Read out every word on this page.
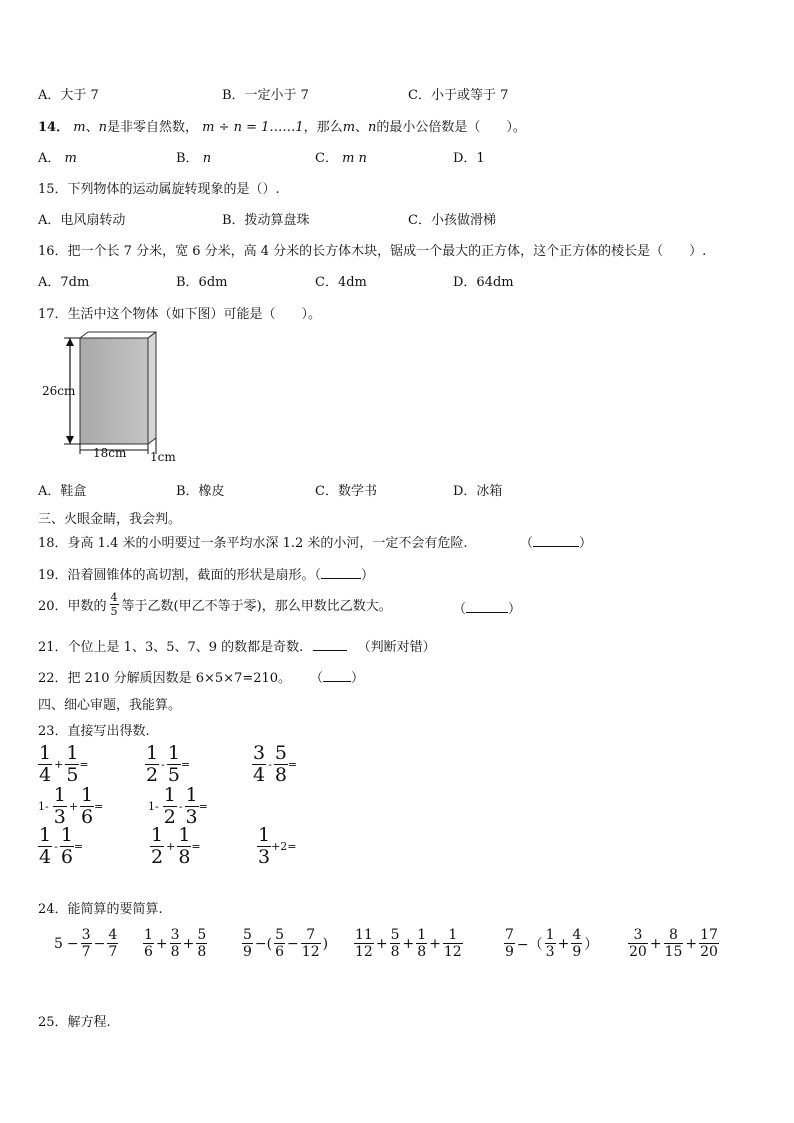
A．大于 7	B．一定小于 7	C．小于或等于 7
14． m、n是非零自然数， m ÷ n = 1……1，那么m、n的最小公倍数是（　　）。
A． m	B． n	C． m n	D．1
15．下列物体的运动属旋转现象的是（）.
A．电风扇转动	B．拨动算盘珠	C．小孩做滑梯
16．把一个长 7 分米，宽 6 分米，高 4 分米的长方体木块，锯成一个最大的正方体，这个正方体的棱长是（　　）.
A．7dm	B．6dm	C．4dm	D．64dm
17．生活中这个物体（如下图）可能是（　　）。
26cm
18cm 1cm
A．鞋盒	B．橡皮	C．数学书	D．冰箱
三、火眼金睛，我会判。
18．身高 1.4 米的小明要过一条平均水深 1.2 米的小河，一定不会有危险.	（	）
19．沿着圆锥体的高切割，截面的形状是扇形。（	）
20．甲数的 $\frac{4}{5}$ 等于乙数(甲乙不等于零)，那么甲数比乙数大。	（	）
21．个位上是 1、3、5、7、9 的数都是奇数.	（判断对错）
22．把 210 分解质因数是 6×5×7=210。 （ ）
四、细心审题，我能算。
23．直接写出得数.
$\frac{1}{4} + \frac{1}{5}$ =	$\frac{1}{2} - \frac{1}{5}$ =	$\frac{3}{4} - \frac{5}{8}$ =
$1- \frac{1}{3} + \frac{1}{6}$ =	$1- \frac{1}{2} - \frac{1}{3}$ =
$\frac{1}{4} - \frac{1}{6}$ =	$\frac{1}{2} + \frac{1}{8}$ =	$\frac{1}{3} +2=$
24．能简算的要简算.
$5 - \frac{3}{7} - \frac{4}{7} \frac{1}{6} + \frac{3}{8} + \frac{5}{8} \frac{5}{9}$ −( $\frac{5}{6} - \frac{7}{12}$ ) $\frac{11}{12} + \frac{5}{8} + \frac{1}{8} + \frac{1}{12}$	$\frac{7}{9}$ −（ $\frac{1}{3} + \frac{4}{9}$ ） $\frac{3}{20} + \frac{8}{15} + \frac{17}{20}$
25．解方程.
